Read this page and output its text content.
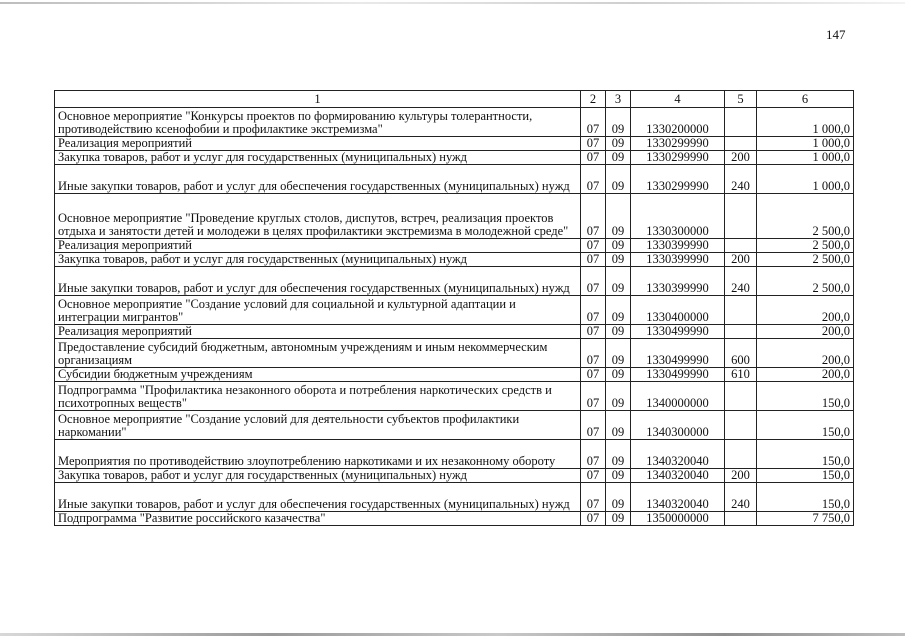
147
1	2	3	4	5	6
Основное мероприятие "Конкурсы проектов по формированию культуры толерантности, противодействию ксенофобии и профилактике экстремизма"	07	09	1330200000		1 000,0
Реализация мероприятий	07	09	1330299990		1 000,0
Закупка товаров, работ и услуг для государственных (муниципальных) нужд	07	09	1330299990	200	1 000,0
Иные закупки товаров, работ и услуг для обеспечения государственных (муниципальных) нужд	07	09	1330299990	240	1 000,0
Основное мероприятие "Проведение круглых столов, диспутов, встреч, реализация проектов отдыха и занятости детей и молодежи в целях профилактики экстремизма в молодежной среде"	07	09	1330300000		2 500,0
Реализация мероприятий	07	09	1330399990		2 500,0
Закупка товаров, работ и услуг для государственных (муниципальных) нужд	07	09	1330399990	200	2 500,0
Иные закупки товаров, работ и услуг для обеспечения государственных (муниципальных) нужд	07	09	1330399990	240	2 500,0
Основное мероприятие "Создание условий для социальной и культурной адаптации и интеграции мигрантов"	07	09	1330400000		200,0
Реализация мероприятий	07	09	1330499990		200,0
Предоставление субсидий бюджетным, автономным учреждениям и иным некоммерческим организациям	07	09	1330499990	600	200,0
Субсидии бюджетным учреждениям	07	09	1330499990	610	200,0
Подпрограмма "Профилактика незаконного оборота и потребления наркотических средств и психотропных веществ"	07	09	1340000000		150,0
Основное мероприятие "Создание условий для деятельности субъектов профилактики наркомании"	07	09	1340300000		150,0
Мероприятия по противодействию злоупотреблению наркотиками и их незаконному обороту	07	09	1340320040		150,0
Закупка товаров, работ и услуг для государственных (муниципальных) нужд	07	09	1340320040	200	150,0
Иные закупки товаров, работ и услуг для обеспечения государственных (муниципальных) нужд	07	09	1340320040	240	150,0
Подпрограмма "Развитие российского казачества"	07	09	1350000000		7 750,0
